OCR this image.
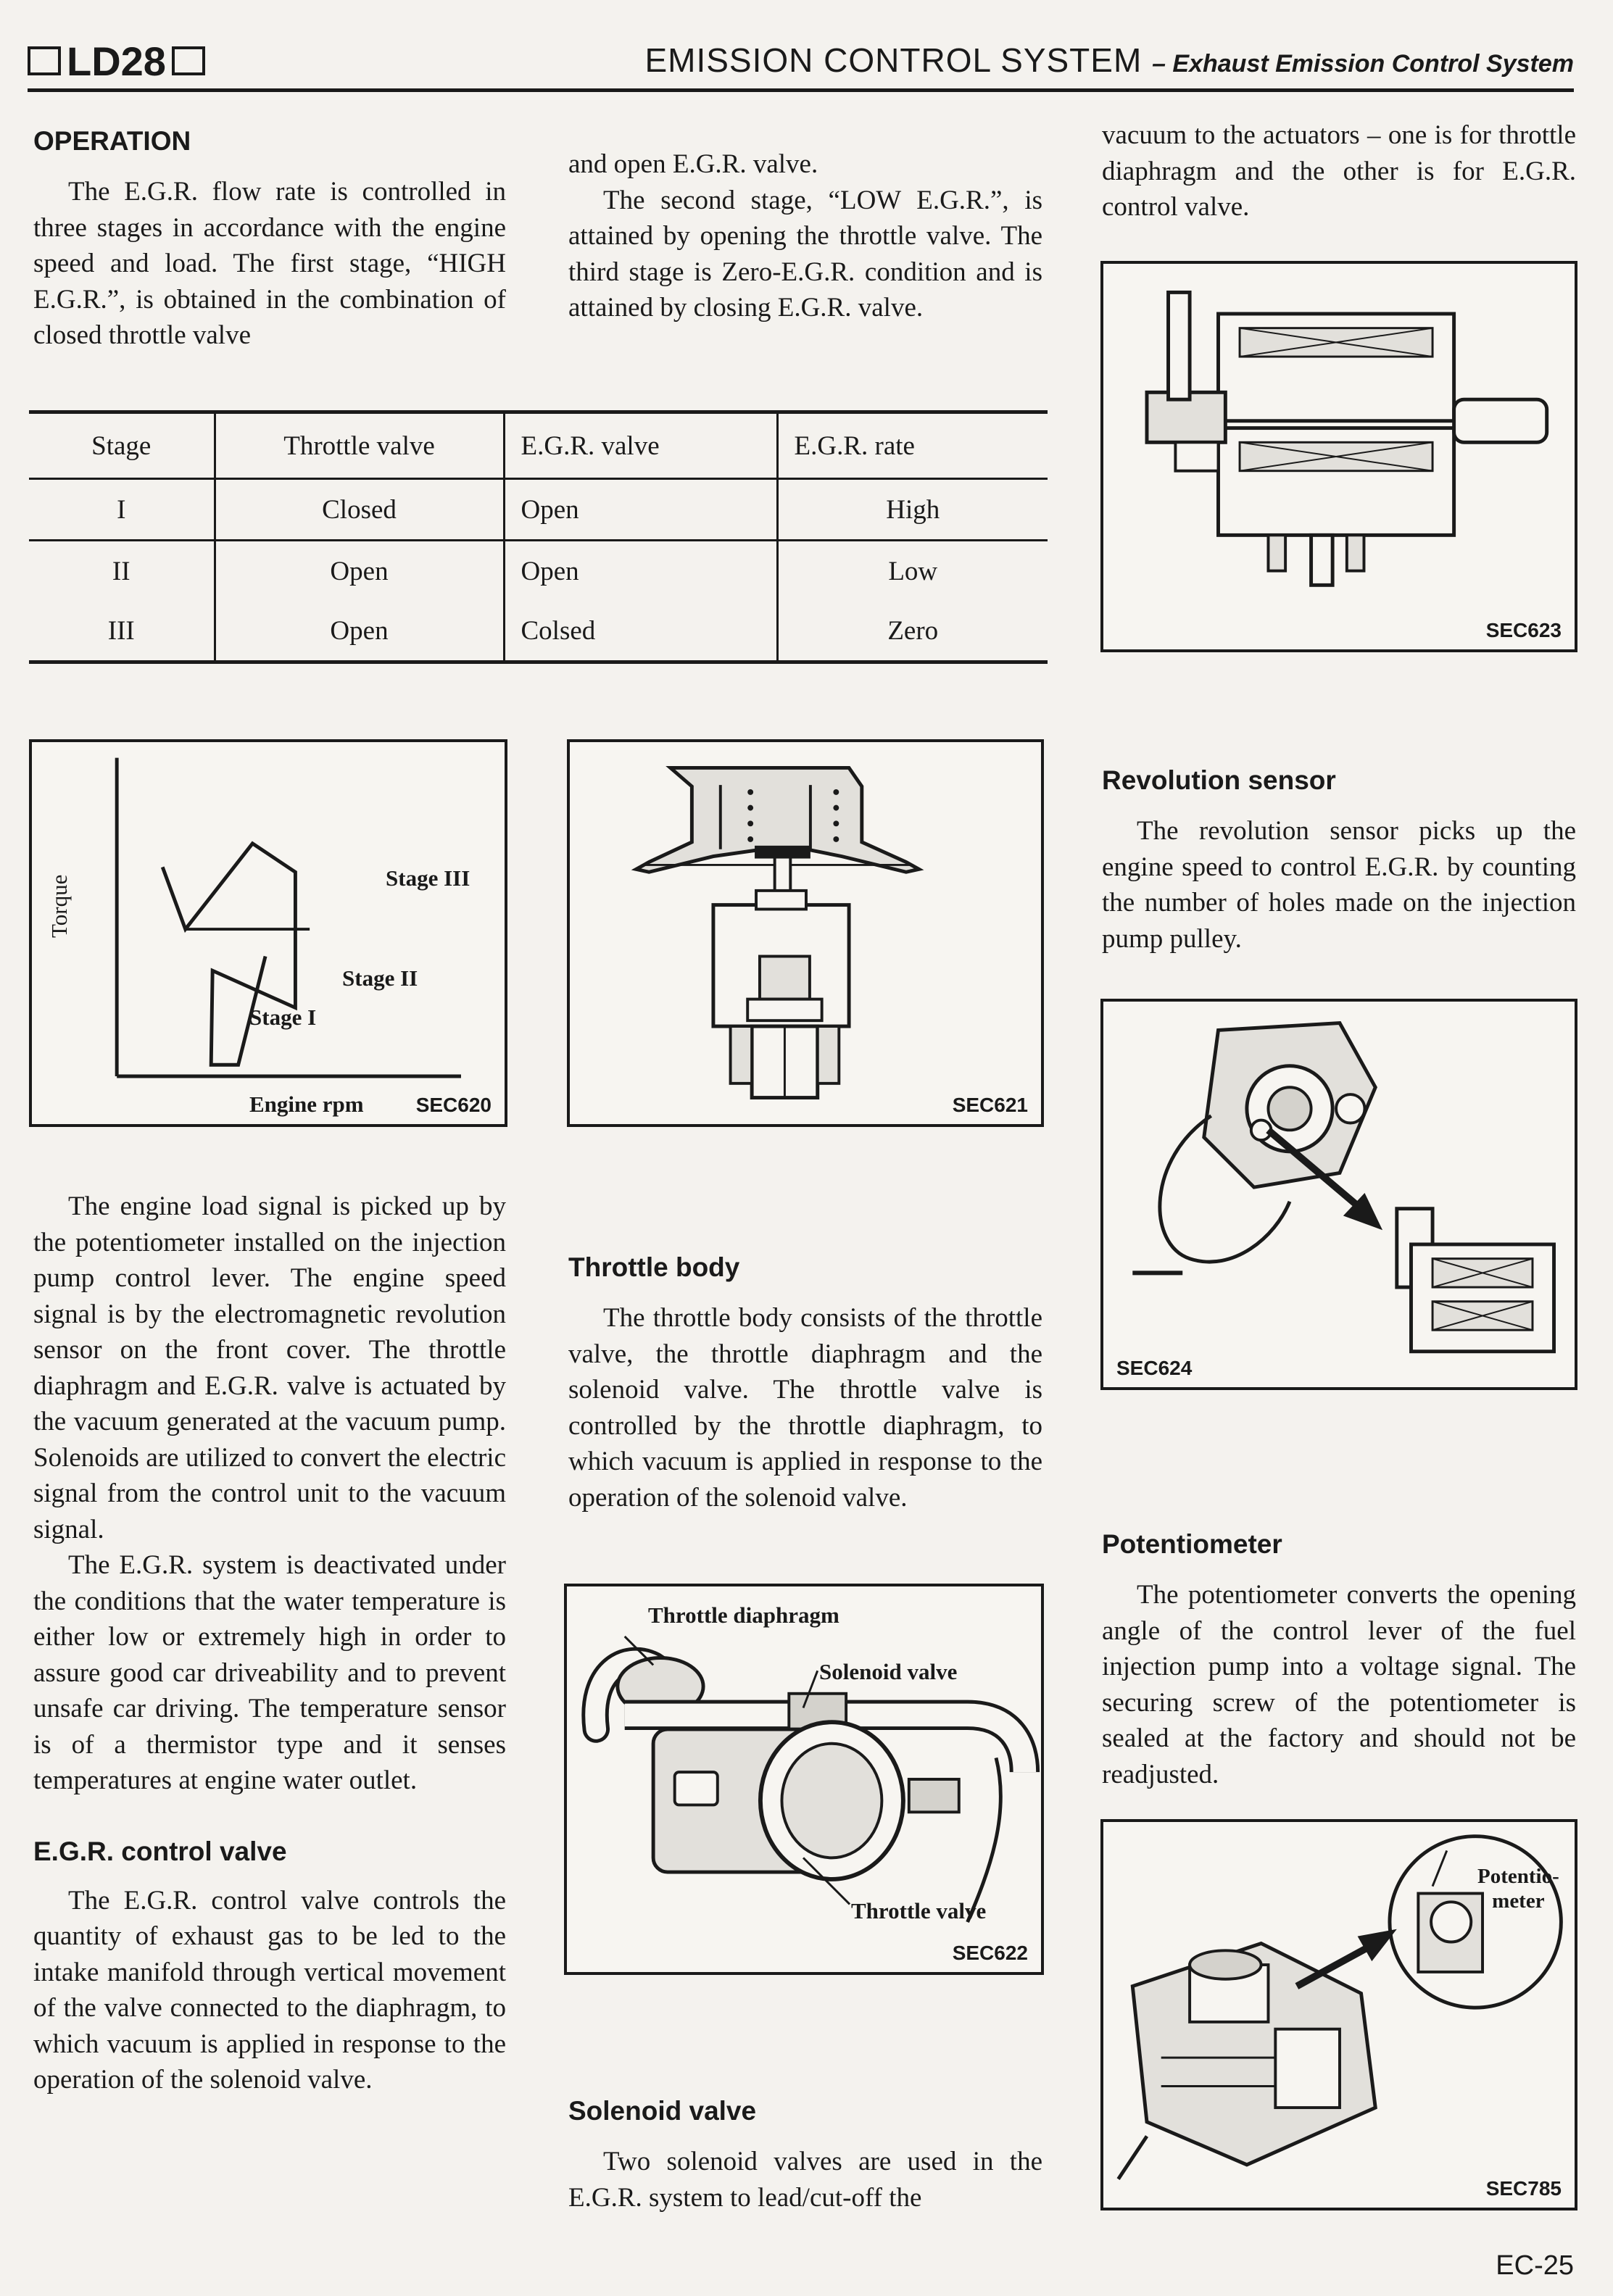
LD28	EMISSION CONTROL SYSTEM – Exhaust Emission Control System

OPERATION

The E.G.R. flow rate is controlled in three stages in accordance with the engine speed and load. The first stage, “HIGH E.G.R.”, is obtained in the combination of closed throttle valve

and open E.G.R. valve.

The second stage, “LOW E.G.R.”, is attained by opening the throttle valve. The third stage is Zero-E.G.R. condition and is attained by closing E.G.R. valve.

Stage	Throttle valve	E.G.R. valve	E.G.R. rate
I	Closed	Open	High
II	Open	Open	Low
III	Open	Colsed	Zero
Torque	Stage III
Stage II
Stage I
Engine rpm	SEC620	SEC621

The engine load signal is picked up by the potentiometer installed on the injection pump control lever. The engine speed signal is by the electromagnetic revolution sensor on the front cover. The throttle diaphragm and E.G.R. valve is actuated by the vacuum generated at the vacuum pump. Solenoids are utilized to convert the electric signal from the control unit to the vacuum signal.

The E.G.R. system is deactivated under the conditions that the water temperature is either low or extremely high in order to assure good car driveability and to prevent unsafe car driving. The temperature sensor is of a thermistor type and it senses temperatures at engine water outlet.

E.G.R. control valve

The E.G.R. control valve controls the quantity of exhaust gas to be led to the intake manifold through vertical movement of the valve connected to the diaphragm, to which vacuum is applied in response to the operation of the solenoid valve.

Throttle body

The throttle body consists of the throttle valve, the throttle diaphragm and the solenoid valve. The throttle valve is controlled by the throttle diaphragm, to which vacuum is applied in response to the operation of the solenoid valve.

Throttle diaphragm
Solenoid valve
Throttle valve
SEC622

Solenoid valve

Two solenoid valves are used in the E.G.R. system to lead/cut-off the

vacuum to the actuators – one is for throttle diaphragm and the other is for E.G.R. control valve.

SEC623

Revolution sensor

The revolution sensor picks up the engine speed to control E.G.R. by counting the number of holes made on the injection pump pulley.

SEC624

Potentiometer

The potentiometer converts the opening angle of the control lever of the fuel injection pump into a voltage signal. The securing screw of the potentiometer is sealed at the factory and should not be readjusted.

Potentio-
meter
SEC785
EC-25
